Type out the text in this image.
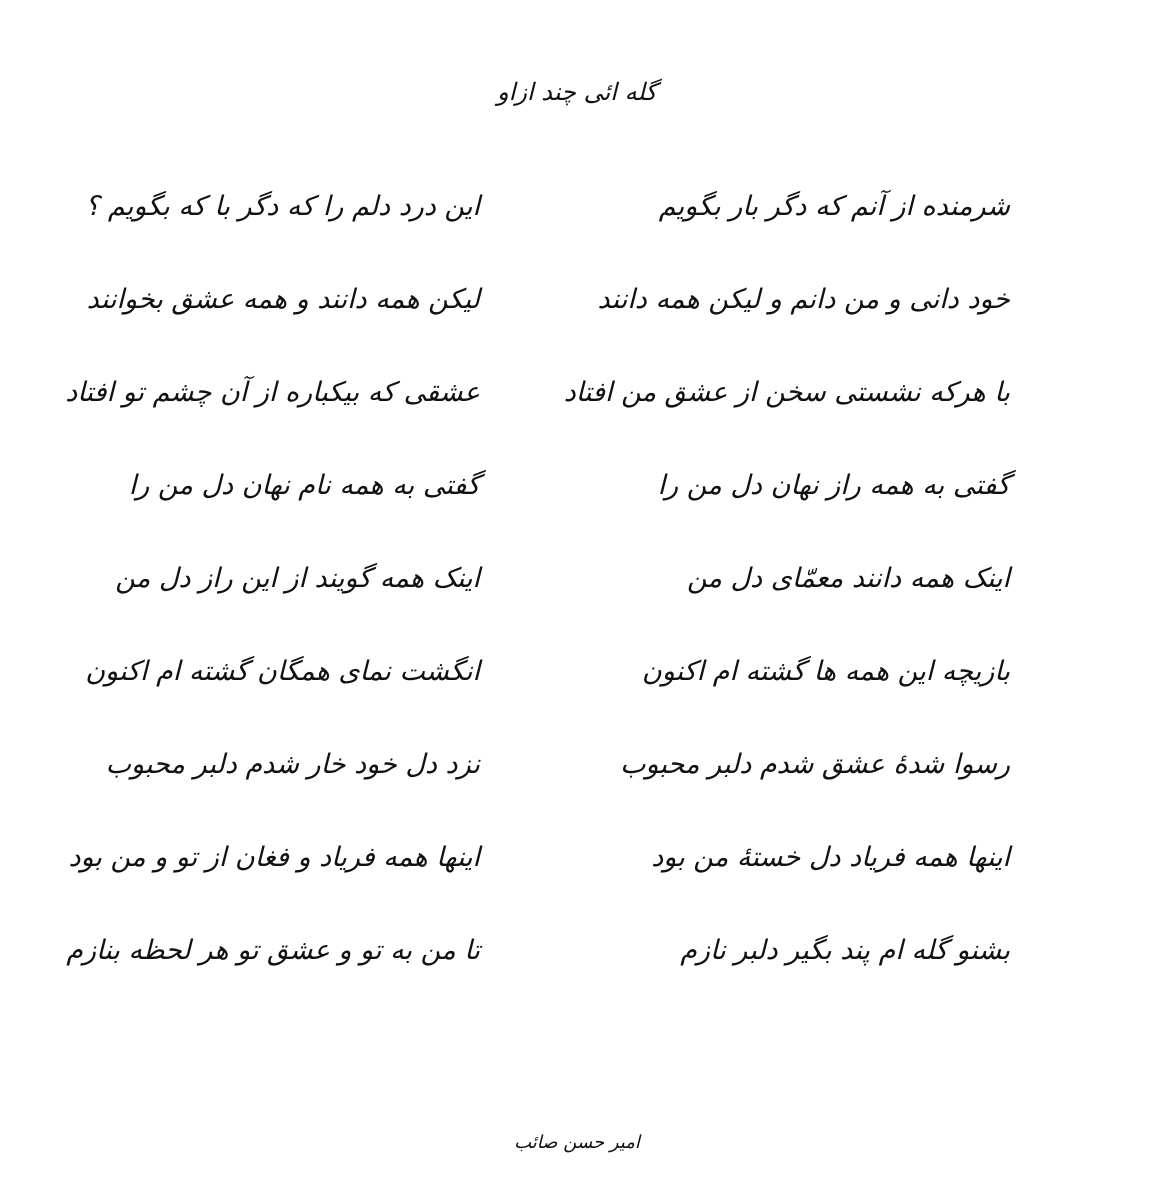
گله ائی چند ازاو
شرمنده از آنم که دگر بار بگویم
این درد دلم را که دگر با که بگویم ؟
خود دانی و من دانم و لیکن همه دانند
لیکن همه دانند و همه عشق بخوانند
با هرکه نشستی سخن از عشق من افتاد
عشقی که بیکباره از آن چشم تو افتاد
گفتی به همه راز نهان دل من را
گفتی به همه نام نهان دل من را
اینک همه دانند معمّای دل من
اینک همه گویند از این راز دل من
بازیچه این همه ها گشته ام اکنون
انگشت نمای همگان گشته ام اکنون
رسوا شدهٔ عشق شدم دلبر محبوب
نزد دل خود خار شدم دلبر محبوب
اینها همه فریاد دل خستهٔ من بود
اینها همه فریاد و فغان از تو و من بود
بشنو گله ام پند بگیر دلبر نازم
تا من به تو و عشق تو هر لحظه بنازم
امیر حسن صائب
